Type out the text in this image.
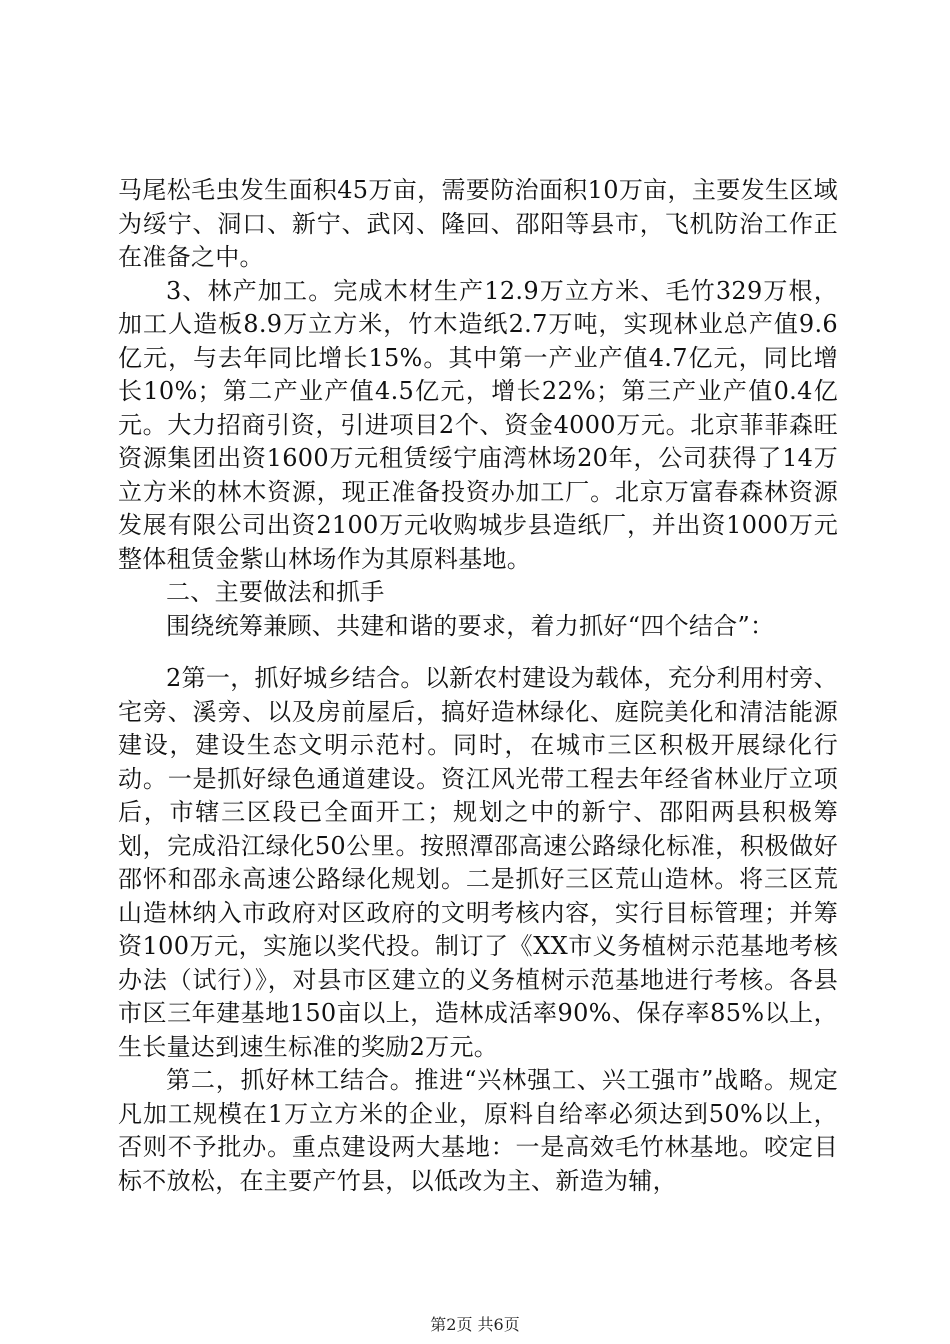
马尾松毛虫发生面积45万亩，需要防治面积10万亩，主要发生区域为绥宁、洞口、新宁、武冈、隆回、邵阳等县市，飞机防治工作正在准备之中。

3、林产加工。完成木材生产12.9万立方米、毛竹329万根，加工人造板8.9万立方米，竹木造纸2.7万吨，实现林业总产值9.6亿元，与去年同比增长15%。其中第一产业产值4.7亿元，同比增长10%；第二产业产值4.5亿元，增长22%；第三产业产值0.4亿元。大力招商引资，引进项目2个、资金4000万元。北京菲菲森旺资源集团出资1600万元租赁绥宁庙湾林场20年，公司获得了14万立方米的林木资源，现正准备投资办加工厂。北京万富春森林资源发展有限公司出资2100万元收购城步县造纸厂，并出资1000万元整体租赁金紫山林场作为其原料基地。

二、主要做法和抓手

围绕统筹兼顾、共建和谐的要求，着力抓好“四个结合”：

2第一，抓好城乡结合。以新农村建设为载体，充分利用村旁、宅旁、溪旁、以及房前屋后，搞好造林绿化、庭院美化和清洁能源建设，建设生态文明示范村。同时，在城市三区积极开展绿化行动。一是抓好绿色通道建设。资江风光带工程去年经省林业厅立项后，市辖三区段已全面开工；规划之中的新宁、邵阳两县积极筹划，完成沿江绿化50公里。按照潭邵高速公路绿化标准，积极做好邵怀和邵永高速公路绿化规划。二是抓好三区荒山造林。将三区荒山造林纳入市政府对区政府的文明考核内容，实行目标管理；并筹资100万元，实施以奖代投。制订了《XX市义务植树示范基地考核办法（试行）》，对县市区建立的义务植树示范基地进行考核。各县市区三年建基地150亩以上，造林成活率90%、保存率85%以上，生长量达到速生标准的奖励2万元。

第二，抓好林工结合。推进“兴林强工、兴工强市”战略。规定凡加工规模在1万立方米的企业，原料自给率必须达到50%以上，否则不予批办。重点建设两大基地：一是高效毛竹林基地。咬定目标不放松，在主要产竹县，以低改为主、新造为辅，

第2页 共6页
